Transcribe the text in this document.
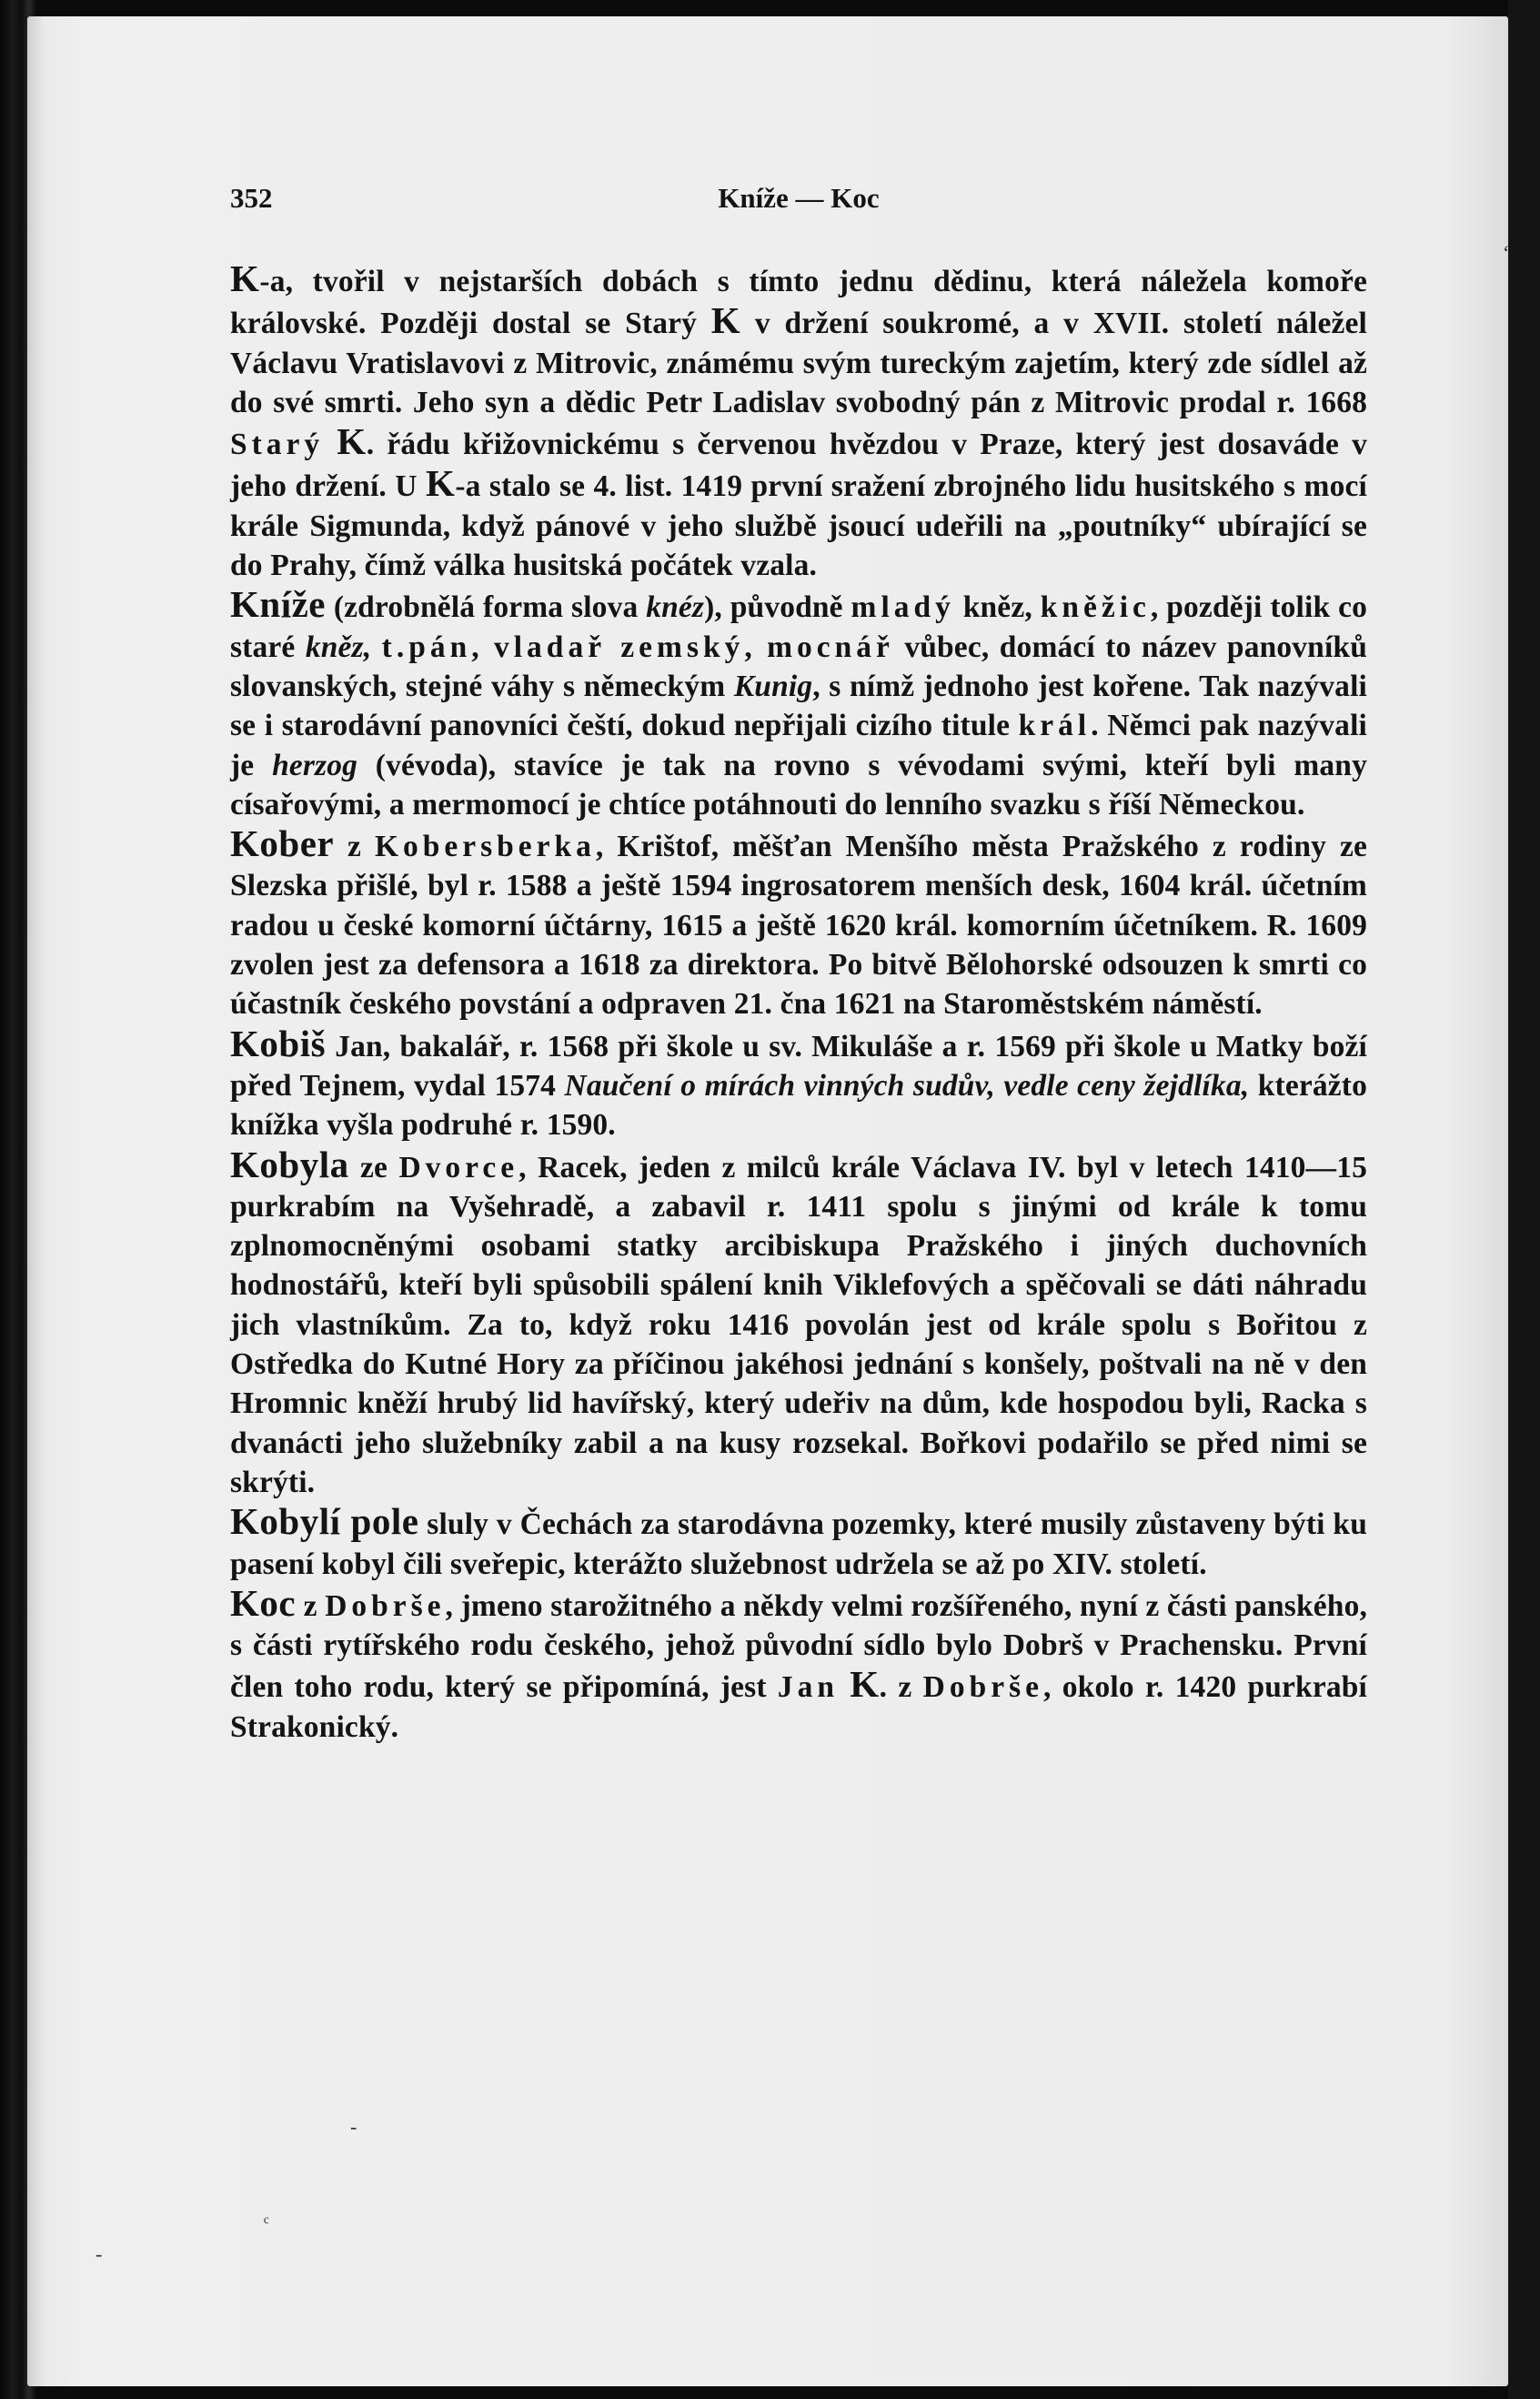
352	Kníže — Koc

K-a, tvořil v nejstarších dobách s tímto jednu dědinu, která náležela komoře královské. Později dostal se Starý K v držení soukromé, a v XVII. století náležel Václavu Vratislavovi z Mitrovic, známému svým tureckým zajetím, který zde sídlel až do své smrti. Jeho syn a dědic Petr Ladislav svobodný pán z Mitrovic prodal r. 1668 Starý K. řádu křižovnickému s červenou hvězdou v Praze, který jest dosaváde v jeho držení. U K-a stalo se 4. list. 1419 první sražení zbrojného lidu husitského s mocí krále Sigmunda, když pánové v jeho službě jsoucí udeřili na „poutníky“ ubírající se do Prahy, čímž válka husitská počátek vzala.

Kníže (zdrobnělá forma slova knéz), původně mladý kněz, kněžic, později tolik co staré kněz, t.pán, vladař zemský, mocnář vůbec, domácí to název panovníků slovanských, stejné váhy s německým Kunig, s nímž jednoho jest kořene. Tak nazývali se i starodávní panovníci čeští, dokud nepřijali cizího titule král. Němci pak nazývali je herzog (vévoda), stavíce je tak na rovno s vévodami svými, kteří byli many císařovými, a mermomocí je chtíce potáhnouti do lenního svazku s říší Německou.

Kober z Kobersberka, Krištof, měšťan Menšího města Pražského z rodiny ze Slezska přišlé, byl r. 1588 a ještě 1594 ingrosatorem menších desk, 1604 král. účetním radou u české komorní účtárny, 1615 a ještě 1620 král. komorním účetníkem. R. 1609 zvolen jest za defensora a 1618 za direktora. Po bitvě Bělohorské odsouzen k smrti co účastník českého povstání a odpraven 21. čna 1621 na Staroměstském náměstí.

Kobiš Jan, bakalář, r. 1568 při škole u sv. Mikuláše a r. 1569 při škole u Matky boží před Tejnem, vydal 1574 Naučení o mírách vinných sudův, vedle ceny žejdlíka, kterážto knížka vyšla podruhé r. 1590.

Kobyla ze Dvorce, Racek, jeden z milců krále Václava IV. byl v letech 1410—15 purkrabím na Vyšehradě, a zabavil r. 1411 spolu s jinými od krále k tomu zplnomocněnými osobami statky arcibiskupa Pražského i jiných duchovních hodnostářů, kteří byli spůsobili spálení knih Viklefových a spěčovali se dáti náhradu jich vlastníkům. Za to, když roku 1416 povolán jest od krále spolu s Bořitou z Ostředka do Kutné Hory za příčinou jakéhosi jednání s konšely, poštvali na ně v den Hromnic kněží hrubý lid havířský, který udeřiv na dům, kde hospodou byli, Racka s dvanácti jeho služebníky zabil a na kusy rozsekal. Bořkovi podařilo se před nimi se skrýti.

Kobylí pole sluly v Čechách za starodávna pozemky, které musily zůstaveny býti ku pasení kobyl čili sveřepic, kterážto služebnost udržela se až po XIV. století.

Koc z Dobrše, jmeno starožitného a někdy velmi rozšířeného, nyní z části panského, s části rytířského rodu českého, jehož původní sídlo bylo Dobrš v Prachensku. První člen toho rodu, který se připomíná, jest Jan K. z Dobrše, okolo r. 1420 purkrabí Strakonický.

ʻ
-
ᶜ
-
